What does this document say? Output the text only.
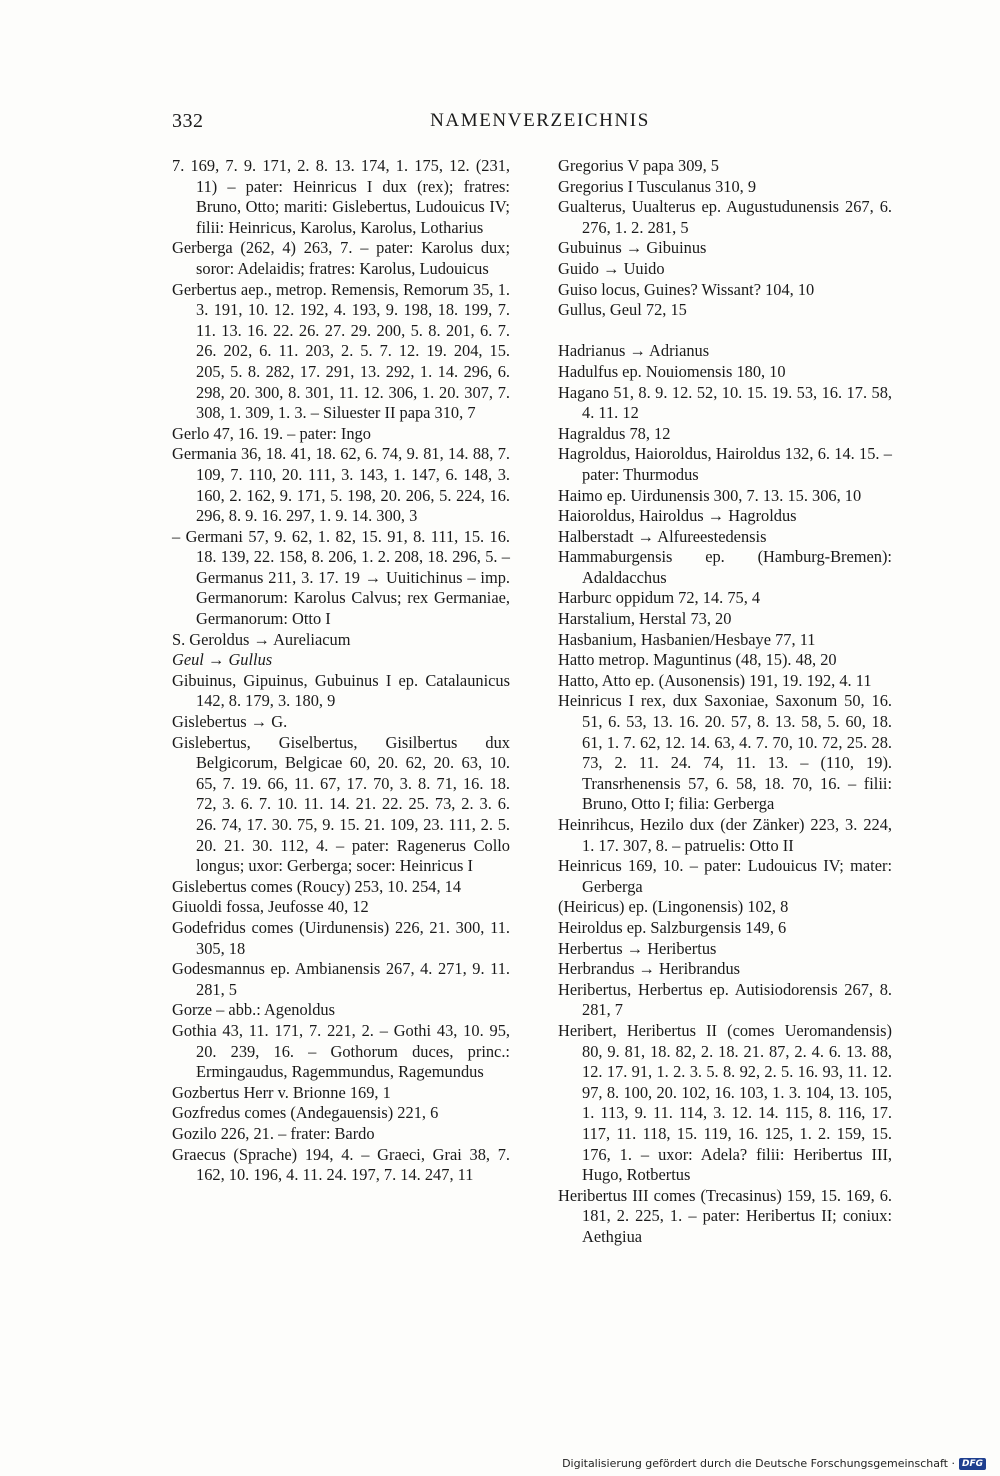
332	NAMENVERZEICHNIS

7. 169, 7. 9. 171, 2. 8. 13. 174, 1. 175, 12. (231, 11) – pater: Heinricus I dux (rex); fratres: Bruno, Otto; mariti: Gislebertus, Ludouicus IV; filii: Heinricus, Karolus, Karolus, Lotharius

Gerberga (262, 4) 263, 7. – pater: Karolus dux; soror: Adelaidis; fratres: Karolus, Ludouicus

Gerbertus aep., metrop. Remensis, Remorum 35, 1. 3. 191, 10. 12. 192, 4. 193, 9. 198, 18. 199, 7. 11. 13. 16. 22. 26. 27. 29. 200, 5. 8. 201, 6. 7. 26. 202, 6. 11. 203, 2. 5. 7. 12. 19. 204, 15. 205, 5. 8. 282, 17. 291, 13. 292, 1. 14. 296, 6. 298, 20. 300, 8. 301, 11. 12. 306, 1. 20. 307, 7. 308, 1. 309, 1. 3. – Siluester II papa 310, 7

Gerlo 47, 16. 19. – pater: Ingo

Germania 36, 18. 41, 18. 62, 6. 74, 9. 81, 14. 88, 7. 109, 7. 110, 20. 111, 3. 143, 1. 147, 6. 148, 3. 160, 2. 162, 9. 171, 5. 198, 20. 206, 5. 224, 16. 296, 8. 9. 16. 297, 1. 9. 14. 300, 3

– Germani 57, 9. 62, 1. 82, 15. 91, 8. 111, 15. 16. 18. 139, 22. 158, 8. 206, 1. 2. 208, 18. 296, 5. – Germanus 211, 3. 17. 19 → Uuitichinus – imp. Germanorum: Karolus Calvus; rex Germaniae, Germanorum: Otto I

S. Geroldus → Aureliacum

Geul → Gullus

Gibuinus, Gipuinus, Gubuinus I ep. Catalaunicus 142, 8. 179, 3. 180, 9

Gislebertus → G.

Gislebertus, Giselbertus, Gisilbertus dux Belgicorum, Belgicae 60, 20. 62, 20. 63, 10. 65, 7. 19. 66, 11. 67, 17. 70, 3. 8. 71, 16. 18. 72, 3. 6. 7. 10. 11. 14. 21. 22. 25. 73, 2. 3. 6. 26. 74, 17. 30. 75, 9. 15. 21. 109, 23. 111, 2. 5. 20. 21. 30. 112, 4. – pater: Ragenerus Collo longus; uxor: Gerberga; socer: Heinricus I

Gislebertus comes (Roucy) 253, 10. 254, 14

Giuoldi fossa, Jeufosse 40, 12

Godefridus comes (Uirdunensis) 226, 21. 300, 11. 305, 18

Godesmannus ep. Ambianensis 267, 4. 271, 9. 11. 281, 5

Gorze – abb.: Agenoldus

Gothia 43, 11. 171, 7. 221, 2. – Gothi 43, 10. 95, 20. 239, 16. – Gothorum duces, princ.: Ermingaudus, Ragemmundus, Ragemundus

Gozbertus Herr v. Brionne 169, 1

Gozfredus comes (Andegauensis) 221, 6

Gozilo 226, 21. – frater: Bardo

Graecus (Sprache) 194, 4. – Graeci, Grai 38, 7. 162, 10. 196, 4. 11. 24. 197, 7. 14. 247, 11

Gregorius V papa 309, 5

Gregorius I Tusculanus 310, 9

Gualterus, Uualterus ep. Augustudunensis 267, 6. 276, 1. 2. 281, 5

Gubuinus → Gibuinus

Guido → Uuido

Guiso locus, Guines? Wissant? 104, 10

Gullus, Geul 72, 15

Hadrianus → Adrianus

Hadulfus ep. Nouiomensis 180, 10

Hagano 51, 8. 9. 12. 52, 10. 15. 19. 53, 16. 17. 58, 4. 11. 12

Hagraldus 78, 12

Hagroldus, Haioroldus, Hairoldus 132, 6. 14. 15. – pater: Thurmodus

Haimo ep. Uirdunensis 300, 7. 13. 15. 306, 10

Haioroldus, Hairoldus → Hagroldus

Halberstadt → Alfureestedensis

Hammaburgensis ep. (Hamburg-Bremen): Adaldacchus

Harburc oppidum 72, 14. 75, 4

Harstalium, Herstal 73, 20

Hasbanium, Hasbanien/Hesbaye 77, 11

Hatto metrop. Maguntinus (48, 15). 48, 20

Hatto, Atto ep. (Ausonensis) 191, 19. 192, 4. 11

Heinricus I rex, dux Saxoniae, Saxonum 50, 16. 51, 6. 53, 13. 16. 20. 57, 8. 13. 58, 5. 60, 18. 61, 1. 7. 62, 12. 14. 63, 4. 7. 70, 10. 72, 25. 28. 73, 2. 11. 24. 74, 11. 13. – (110, 19). Transrhenensis 57, 6. 58, 18. 70, 16. – filii: Bruno, Otto I; filia: Gerberga

Heinrihcus, Hezilo dux (der Zänker) 223, 3. 224, 1. 17. 307, 8. – patruelis: Otto II

Heinricus 169, 10. – pater: Ludouicus IV; mater: Gerberga

(Heiricus) ep. (Lingonensis) 102, 8

Heiroldus ep. Salzburgensis 149, 6

Herbertus → Heribertus

Herbrandus → Heribrandus

Heribertus, Herbertus ep. Autisiodorensis 267, 8. 281, 7

Heribert, Heribertus II (comes Ueromandensis) 80, 9. 81, 18. 82, 2. 18. 21. 87, 2. 4. 6. 13. 88, 12. 17. 91, 1. 2. 3. 5. 8. 92, 2. 5. 16. 93, 11. 12. 97, 8. 100, 20. 102, 16. 103, 1. 3. 104, 13. 105, 1. 113, 9. 11. 114, 3. 12. 14. 115, 8. 116, 17. 117, 11. 118, 15. 119, 16. 125, 1. 2. 159, 15. 176, 1. – uxor: Adela? filii: Heribertus III, Hugo, Rotbertus

Heribertus III comes (Trecasinus) 159, 15. 169, 6. 181, 2. 225, 1. – pater: Heribertus II; coniux: Aethgiua

Digitalisierung gefördert durch die Deutsche Forschungsgemeinschaft · DFG
